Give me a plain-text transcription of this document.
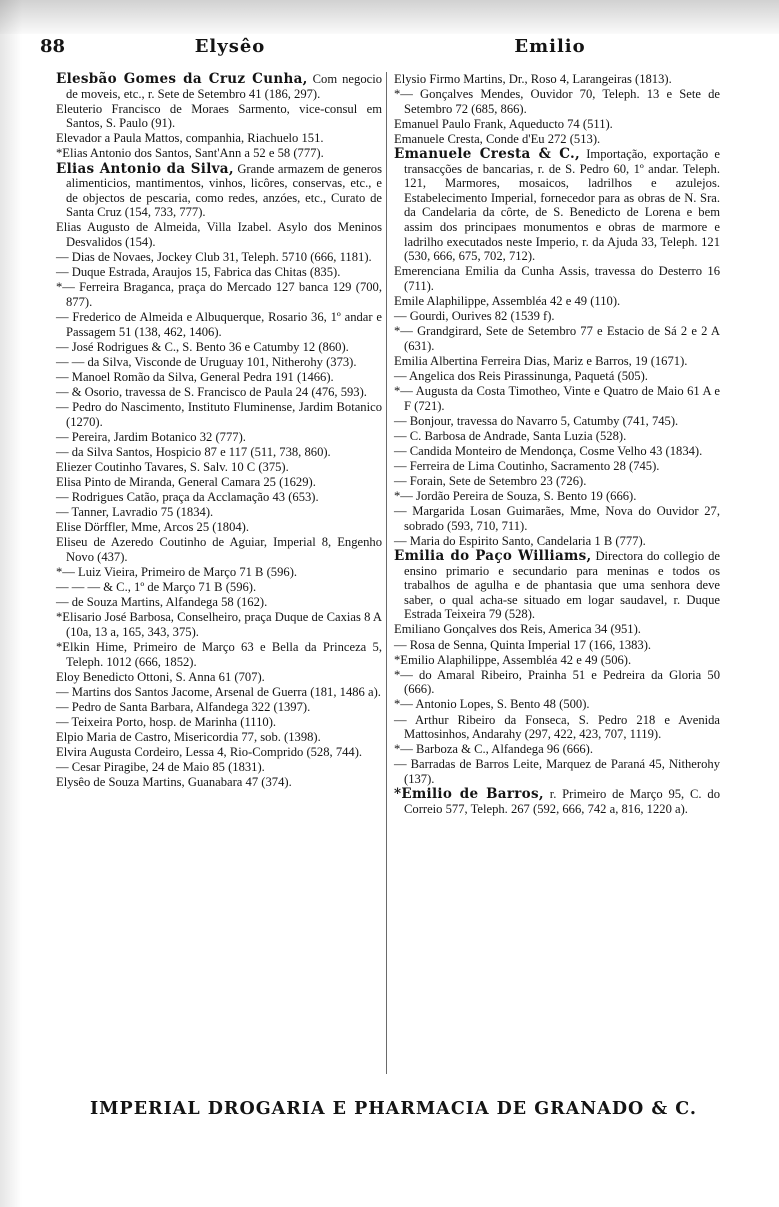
88	Elysêo	Emilio
Elesbão Gomes da Cruz Cunha, Com negocio de moveis, etc., r. Sete de Setembro 41 (186, 297).
Eleuterio Francisco de Moraes Sarmento, vice-consul em Santos, S. Paulo (91).
Elevador a Paula Mattos, companhia, Riachuelo 151.
*Elias Antonio dos Santos, Sant'Ann a 52 e 58 (777).
Elias Antonio da Silva, Grande armazem de generos alimenticios, mantimentos, vinhos, licôres, conservas, etc., e de objectos de pescaria, como redes, anzóes, etc., Curato de Santa Cruz (154, 733, 777).
Elias Augusto de Almeida, Villa Izabel. Asylo dos Meninos Desvalidos (154).
— Dias de Novaes, Jockey Club 31, Teleph. 5710 (666, 1181).
— Duque Estrada, Araujos 15, Fabrica das Chitas (835).
*— Ferreira Braganca, praça do Mercado 127 banca 129 (700, 877).
— Frederico de Almeida e Albuquerque, Rosario 36, 1º andar e Passagem 51 (138, 462, 1406).
— José Rodrigues & C., S. Bento 36 e Catumby 12 (860).
— — da Silva, Visconde de Uruguay 101, Nitherohy (373).
— Manoel Romão da Silva, General Pedra 191 (1466).
— & Osorio, travessa de S. Francisco de Paula 24 (476, 593).
— Pedro do Nascimento, Instituto Fluminense, Jardim Botanico (1270).
— Pereira, Jardim Botanico 32 (777).
— da Silva Santos, Hospicio 87 e 117 (511, 738, 860).
Eliezer Coutinho Tavares, S. Salv. 10 C (375).
Elisa Pinto de Miranda, General Camara 25 (1629).
— Rodrigues Catão, praça da Acclamação 43 (653).
— Tanner, Lavradio 75 (1834).
Elise Dörffler, Mme, Arcos 25 (1804).
Eliseu de Azeredo Coutinho de Aguiar, Imperial 8, Engenho Novo (437).
*— Luiz Vieira, Primeiro de Março 71 B (596).
— — — & C., 1º de Março 71 B (596).
— de Souza Martins, Alfandega 58 (162).
*Elisario José Barbosa, Conselheiro, praça Duque de Caxias 8 A (10a, 13 a, 165, 343, 375).
*Elkin Hime, Primeiro de Março 63 e Bella da Princeza 5, Teleph. 1012 (666, 1852).
Eloy Benedicto Ottoni, S. Anna 61 (707).
— Martins dos Santos Jacome, Arsenal de Guerra (181, 1486 a).
— Pedro de Santa Barbara, Alfandega 322 (1397).
— Teixeira Porto, hosp. de Marinha (1110).
Elpio Maria de Castro, Misericordia 77, sob. (1398).
Elvira Augusta Cordeiro, Lessa 4, Rio-Comprido (528, 744).
— Cesar Piragibe, 24 de Maio 85 (1831).
Elysêo de Souza Martins, Guanabara 47 (374).
Elysio Firmo Martins, Dr., Roso 4, Larangeiras (1813).
*— Gonçalves Mendes, Ouvidor 70, Teleph. 13 e Sete de Setembro 72 (685, 866).
Emanuel Paulo Frank, Aqueducto 74 (511).
Emanuele Cresta, Conde d'Eu 272 (513).
Emanuele Cresta & C., Importação, exportação e transacções de bancarias, r. de S. Pedro 60, 1º andar. Teleph. 121, Marmores, mosaicos, ladrilhos e azulejos. Estabelecimento Imperial, fornecedor para as obras de N. Sra. da Candelaria da côrte, de S. Benedicto de Lorena e bem assim dos principaes monumentos e obras de marmore e ladrilho executados neste Imperio, r. da Ajuda 33, Teleph. 121 (530, 666, 675, 702, 712).
Emerenciana Emilia da Cunha Assis, travessa do Desterro 16 (711).
Emile Alaphilippe, Assembléa 42 e 49 (110).
— Gourdi, Ourives 82 (1539 f).
*— Grandgirard, Sete de Setembro 77 e Estacio de Sá 2 e 2 A (631).
Emilia Albertina Ferreira Dias, Mariz e Barros, 19 (1671).
— Angelica dos Reis Pirassinunga, Paquetá (505).
*— Augusta da Costa Timotheo, Vinte e Quatro de Maio 61 A e F (721).
— Bonjour, travessa do Navarro 5, Catumby (741, 745).
— C. Barbosa de Andrade, Santa Luzia (528).
— Candida Monteiro de Mendonça, Cosme Velho 43 (1834).
— Ferreira de Lima Coutinho, Sacramento 28 (745).
— Forain, Sete de Setembro 23 (726).
*— Jordão Pereira de Souza, S. Bento 19 (666).
— Margarida Losan Guimarães, Mme, Nova do Ouvidor 27, sobrado (593, 710, 711).
— Maria do Espirito Santo, Candelaria 1 B (777).
Emilia do Paço Williams, Directora do collegio de ensino primario e secundario para meninas e todos os trabalhos de agulha e de phantasia que uma senhora deve saber, o qual acha-se situado em logar saudavel, r. Duque Estrada Teixeira 79 (528).
Emiliano Gonçalves dos Reis, America 34 (951).
— Rosa de Senna, Quinta Imperial 17 (166, 1383).
*Emilio Alaphilippe, Assembléa 42 e 49 (506).
*— do Amaral Ribeiro, Prainha 51 e Pedreira da Gloria 50 (666).
*— Antonio Lopes, S. Bento 48 (500).
— Arthur Ribeiro da Fonseca, S. Pedro 218 e Avenida Mattosinhos, Andarahy (297, 422, 423, 707, 1119).
*— Barboza & C., Alfandega 96 (666).
— Barradas de Barros Leite, Marquez de Paraná 45, Nitherohy (137).
*Emilio de Barros, r. Primeiro de Março 95, C. do Correio 577, Teleph. 267 (592, 666, 742 a, 816, 1220 a).
IMPERIAL DROGARIA E PHARMACIA DE GRANADO & C.
